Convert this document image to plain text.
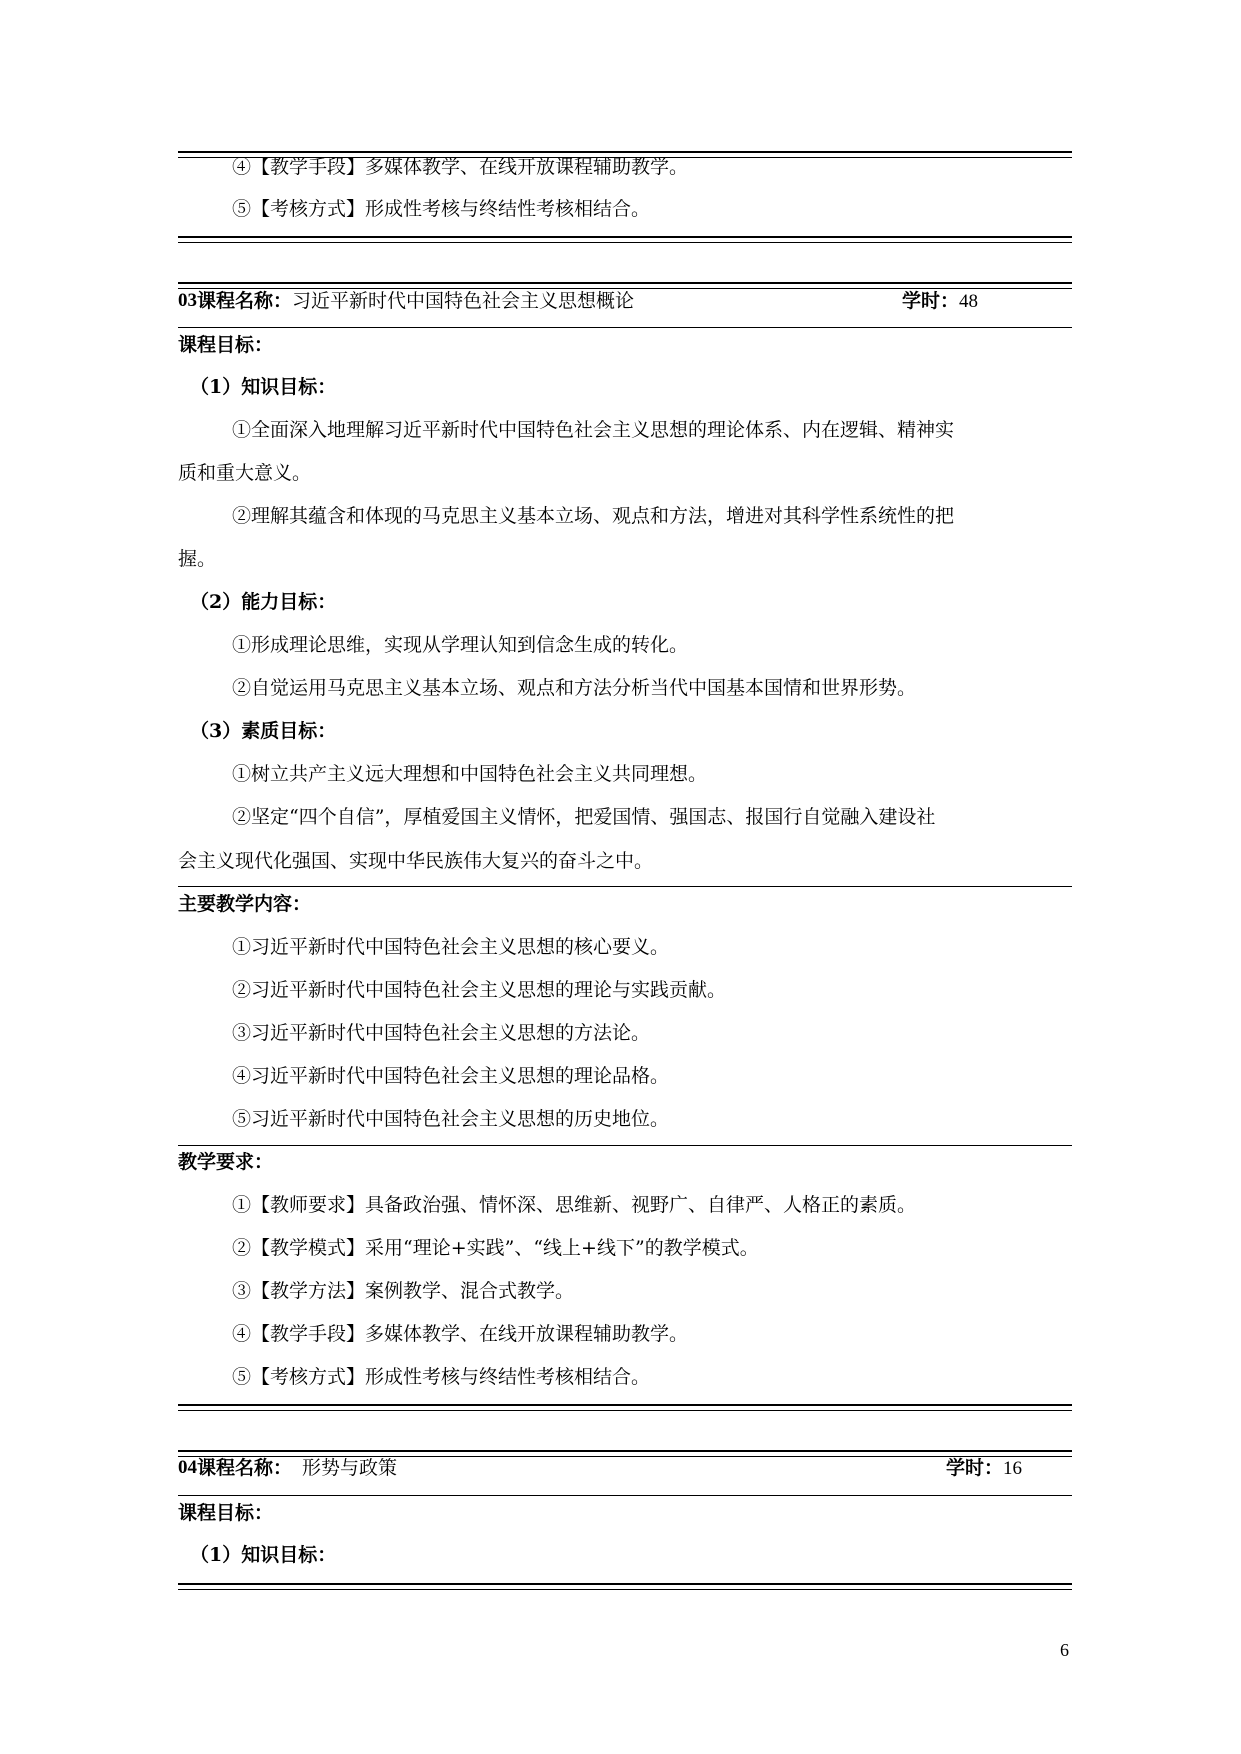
④【教学手段】多媒体教学、在线开放课程辅助教学。
⑤【考核方式】形成性考核与终结性考核相结合。
03 课程名称： 习近平新时代中国特色社会主义思想概论	学时：48
课程目标：
（1）知识目标：
①全面深入地理解习近平新时代中国特色社会主义思想的理论体系、内在逻辑、精神实
质和重大意义。
②理解其蕴含和体现的马克思主义基本立场、观点和方法，增进对其科学性系统性的把
握。
（2）能力目标：
①形成理论思维，实现从学理认知到信念生成的转化。
②自觉运用马克思主义基本立场、观点和方法分析当代中国基本国情和世界形势。
（3）素质目标：
①树立共产主义远大理想和中国特色社会主义共同理想。
②坚定“四个自信”，厚植爱国主义情怀，把爱国情、强国志、报国行自觉融入建设社
会主义现代化强国、实现中华民族伟大复兴的奋斗之中。
主要教学内容：
①习近平新时代中国特色社会主义思想的核心要义。
②习近平新时代中国特色社会主义思想的理论与实践贡献。
③习近平新时代中国特色社会主义思想的方法论。
④习近平新时代中国特色社会主义思想的理论品格。
⑤习近平新时代中国特色社会主义思想的历史地位。
教学要求：
①【教师要求】具备政治强、情怀深、思维新、视野广、自律严、人格正的素质。
②【教学模式】采用“理论+实践”、“线上+线下”的教学模式。
③【教学方法】案例教学、混合式教学。
④【教学手段】多媒体教学、在线开放课程辅助教学。
⑤【考核方式】形成性考核与终结性考核相结合。
04 课程名称： 形势与政策	学时：16
课程目标：
（1）知识目标：
6
